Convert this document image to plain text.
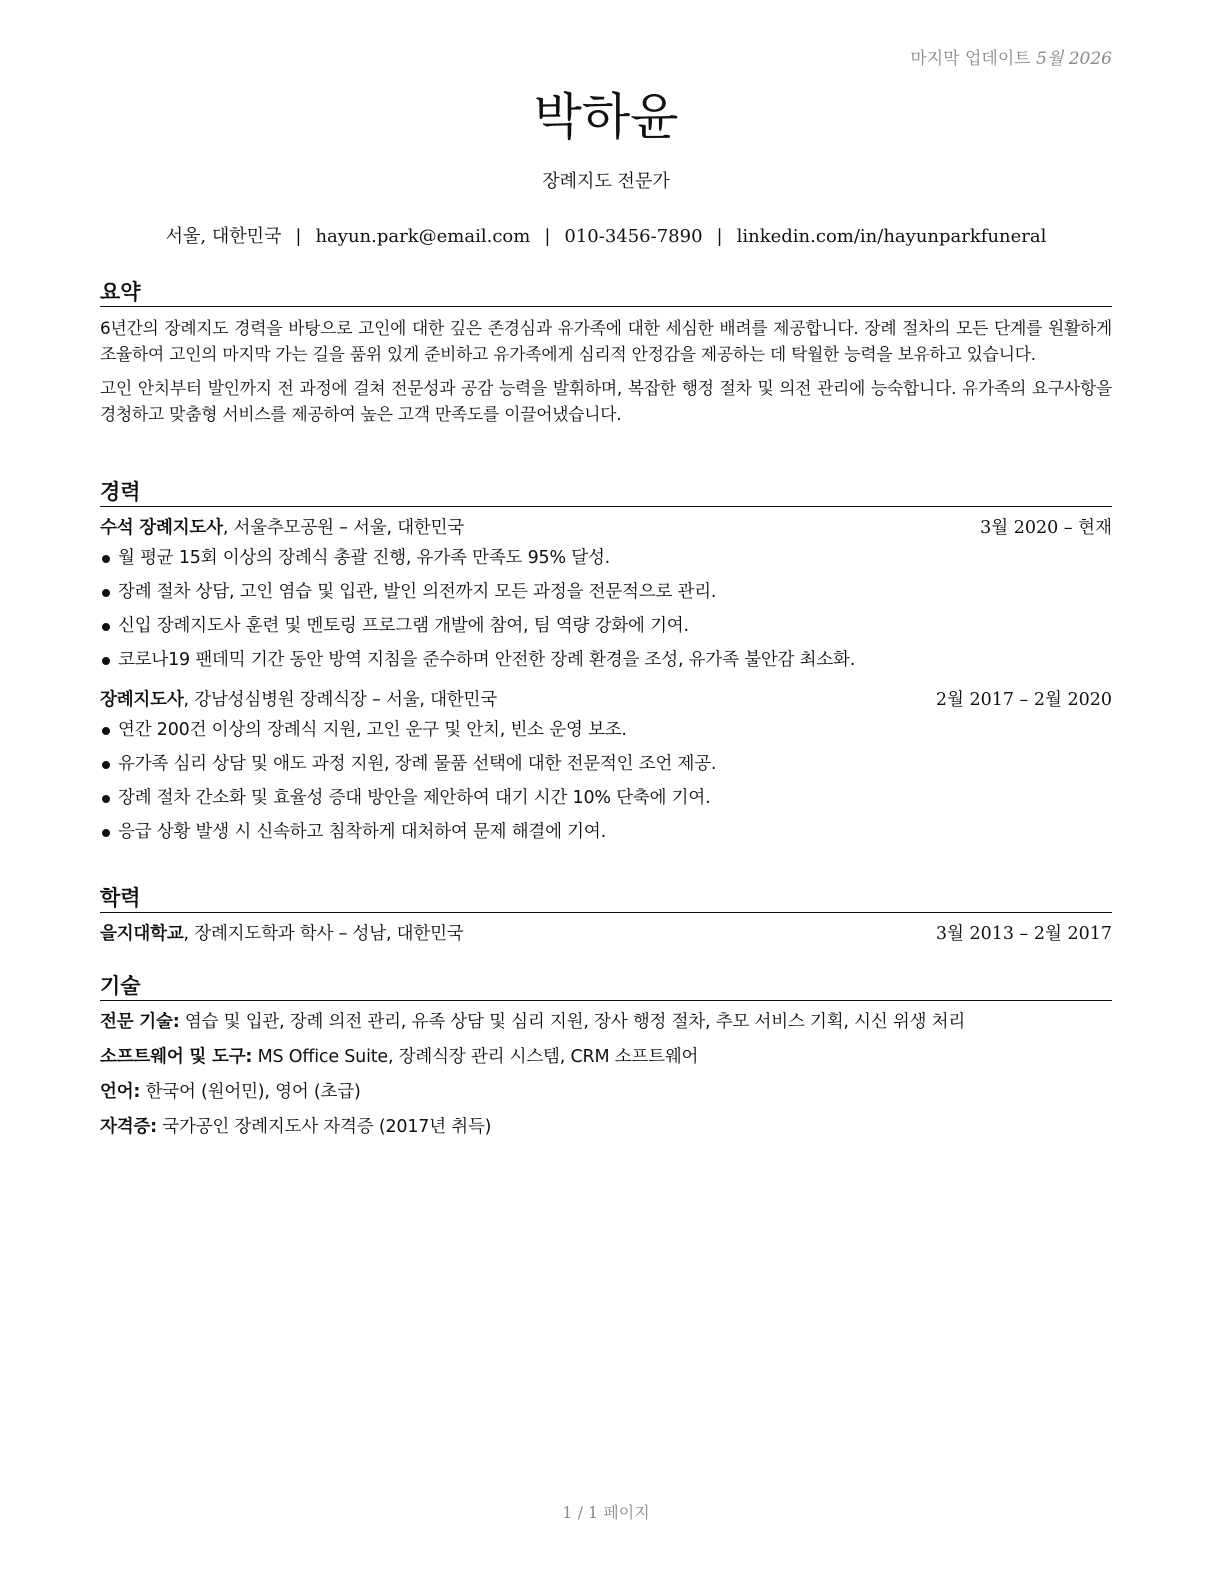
마지막 업데이트 5월 2026
박하윤
장례지도 전문가
서울, 대한민국 | hayun.park@email.com | 010-3456-7890 | linkedin.com/in/hayunparkfuneral
요약

6년간의 장례지도 경력을 바탕으로 고인에 대한 깊은 존경심과 유가족에 대한 세심한 배려를 제공합니다. 장례 절차의 모든 단계를 원활하게 조율하여 고인의 마지막 가는 길을 품위 있게 준비하고 유가족에게 심리적 안정감을 제공하는 데 탁월한 능력을 보유하고 있습니다.

고인 안치부터 발인까지 전 과정에 걸쳐 전문성과 공감 능력을 발휘하며, 복잡한 행정 절차 및 의전 관리에 능숙합니다. 유가족의 요구사항을 경청하고 맞춤형 서비스를 제공하여 높은 고객 만족도를 이끌어냈습니다.

경력
수석 장례지도사, 서울추모공원 – 서울, 대한민국	3월 2020 – 현재
월 평균 15회 이상의 장례식 총괄 진행, 유가족 만족도 95% 달성.
장례 절차 상담, 고인 염습 및 입관, 발인 의전까지 모든 과정을 전문적으로 관리.
신입 장례지도사 훈련 및 멘토링 프로그램 개발에 참여, 팀 역량 강화에 기여.
코로나19 팬데믹 기간 동안 방역 지침을 준수하며 안전한 장례 환경을 조성, 유가족 불안감 최소화.
장례지도사, 강남성심병원 장례식장 – 서울, 대한민국	2월 2017 – 2월 2020
연간 200건 이상의 장례식 지원, 고인 운구 및 안치, 빈소 운영 보조.
유가족 심리 상담 및 애도 과정 지원, 장례 물품 선택에 대한 전문적인 조언 제공.
장례 절차 간소화 및 효율성 증대 방안을 제안하여 대기 시간 10% 단축에 기여.
응급 상황 발생 시 신속하고 침착하게 대처하여 문제 해결에 기여.
학력
을지대학교, 장례지도학과 학사 – 성남, 대한민국	3월 2013 – 2월 2017
기술
전문 기술: 염습 및 입관, 장례 의전 관리, 유족 상담 및 심리 지원, 장사 행정 절차, 추모 서비스 기획, 시신 위생 처리
소프트웨어 및 도구: MS Office Suite, 장례식장 관리 시스템, CRM 소프트웨어
언어: 한국어 (원어민), 영어 (초급)
자격증: 국가공인 장례지도사 자격증 (2017년 취득)
1 / 1 페이지
